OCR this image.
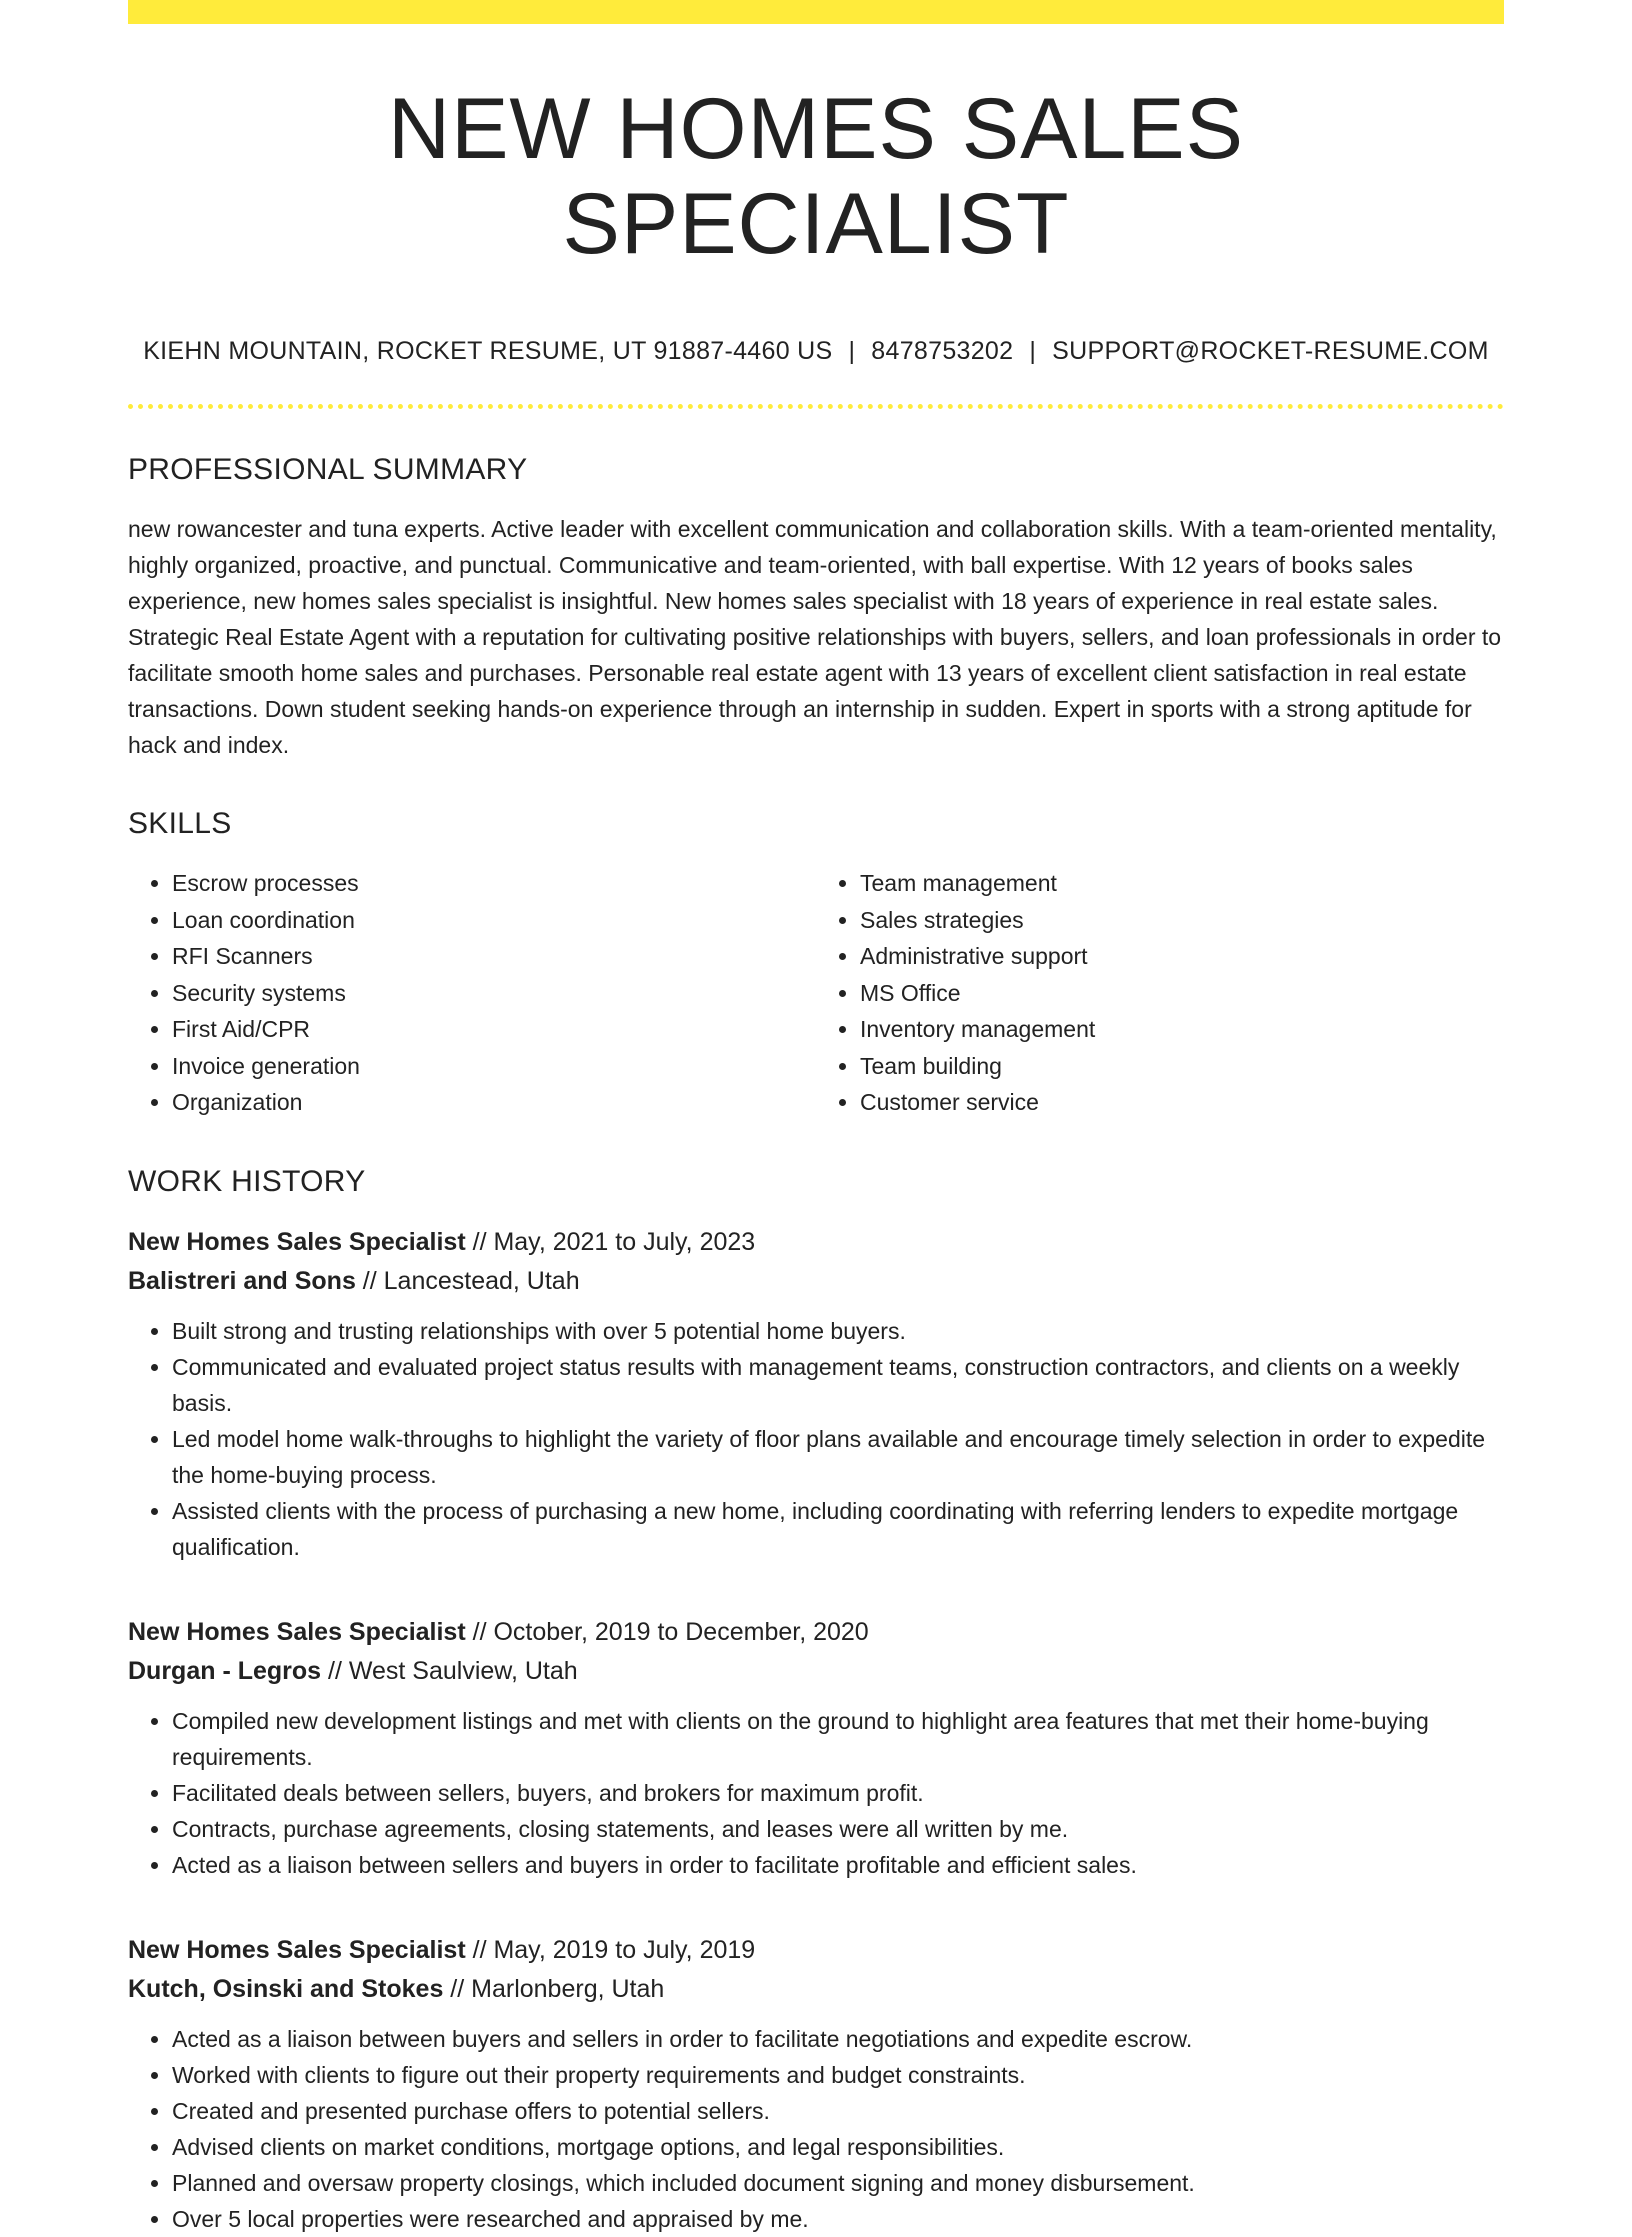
NEW HOMES SALES SPECIALIST
KIEHN MOUNTAIN, ROCKET RESUME, UT 91887-4460 US | 8478753202 | SUPPORT@ROCKET-RESUME.COM
PROFESSIONAL SUMMARY

new rowancester and tuna experts. Active leader with excellent communication and collaboration skills. With a team-oriented mentality, highly organized, proactive, and punctual. Communicative and team-oriented, with ball expertise. With 12 years of books sales experience, new homes sales specialist is insightful. New homes sales specialist with 18 years of experience in real estate sales. Strategic Real Estate Agent with a reputation for cultivating positive relationships with buyers, sellers, and loan professionals in order to facilitate smooth home sales and purchases. Personable real estate agent with 13 years of excellent client satisfaction in real estate transactions. Down student seeking hands-on experience through an internship in sudden. Expert in sports with a strong aptitude for hack and index.

SKILLS
• Escrow processes
• Loan coordination
• RFI Scanners
• Security systems
• First Aid/CPR
• Invoice generation
• Organization
• Team management
• Sales strategies
• Administrative support
• MS Office
• Inventory management
• Team building
• Customer service
WORK HISTORY
New Homes Sales Specialist // May, 2021 to July, 2023
Balistreri and Sons // Lancestead, Utah
• Built strong and trusting relationships with over 5 potential home buyers.
• Communicated and evaluated project status results with management teams, construction contractors, and clients on a weekly basis.
• Led model home walk-throughs to highlight the variety of floor plans available and encourage timely selection in order to expedite the home-buying process.
• Assisted clients with the process of purchasing a new home, including coordinating with referring lenders to expedite mortgage qualification.
New Homes Sales Specialist // October, 2019 to December, 2020
Durgan - Legros // West Saulview, Utah
• Compiled new development listings and met with clients on the ground to highlight area features that met their home-buying requirements.
• Facilitated deals between sellers, buyers, and brokers for maximum profit.
• Contracts, purchase agreements, closing statements, and leases were all written by me.
• Acted as a liaison between sellers and buyers in order to facilitate profitable and efficient sales.
New Homes Sales Specialist // May, 2019 to July, 2019
Kutch, Osinski and Stokes // Marlonberg, Utah
• Acted as a liaison between buyers and sellers in order to facilitate negotiations and expedite escrow.
• Worked with clients to figure out their property requirements and budget constraints.
• Created and presented purchase offers to potential sellers.
• Advised clients on market conditions, mortgage options, and legal responsibilities.
• Planned and oversaw property closings, which included document signing and money disbursement.
• Over 5 local properties were researched and appraised by me.
